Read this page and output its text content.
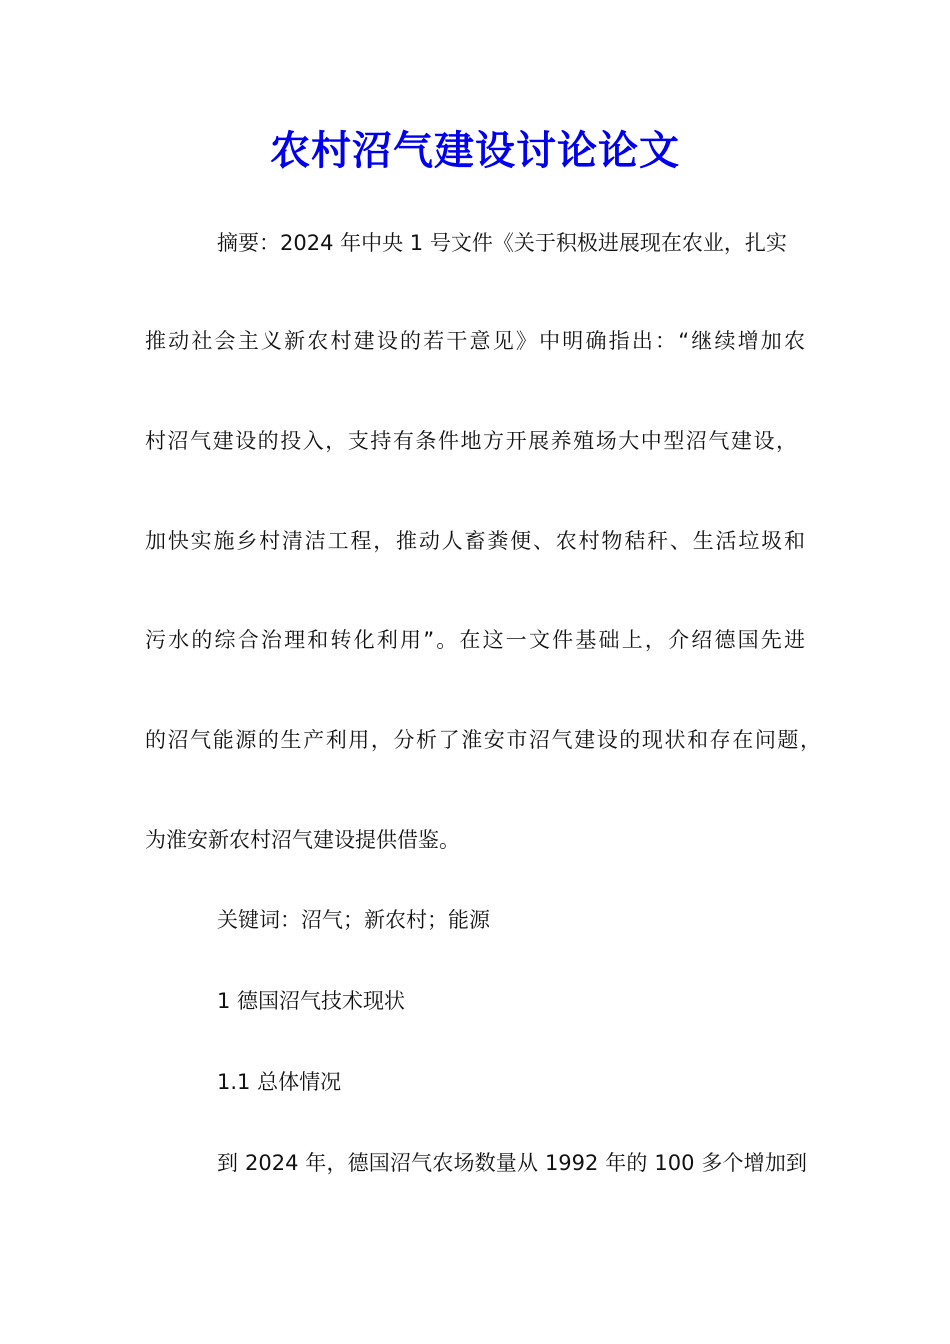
农村沼气建设讨论论文

摘要：2024 年中央 1 号文件《关于积极进展现在农业，扎实

推动社会主义新农村建设的若干意见》中明确指出：“继续增加农

村沼气建设的投入，支持有条件地方开展养殖场大中型沼气建设，

加快实施乡村清洁工程，推动人畜粪便、农村物秸秆、生活垃圾和

污水的综合治理和转化利用”。在这一文件基础上，介绍德国先进

的沼气能源的生产利用，分析了淮安市沼气建设的现状和存在问题，

为淮安新农村沼气建设提供借鉴。

关键词：沼气；新农村；能源

1 德国沼气技术现状

1.1 总体情况

到 2024 年，德国沼气农场数量从 1992 年的 100 多个增加到
